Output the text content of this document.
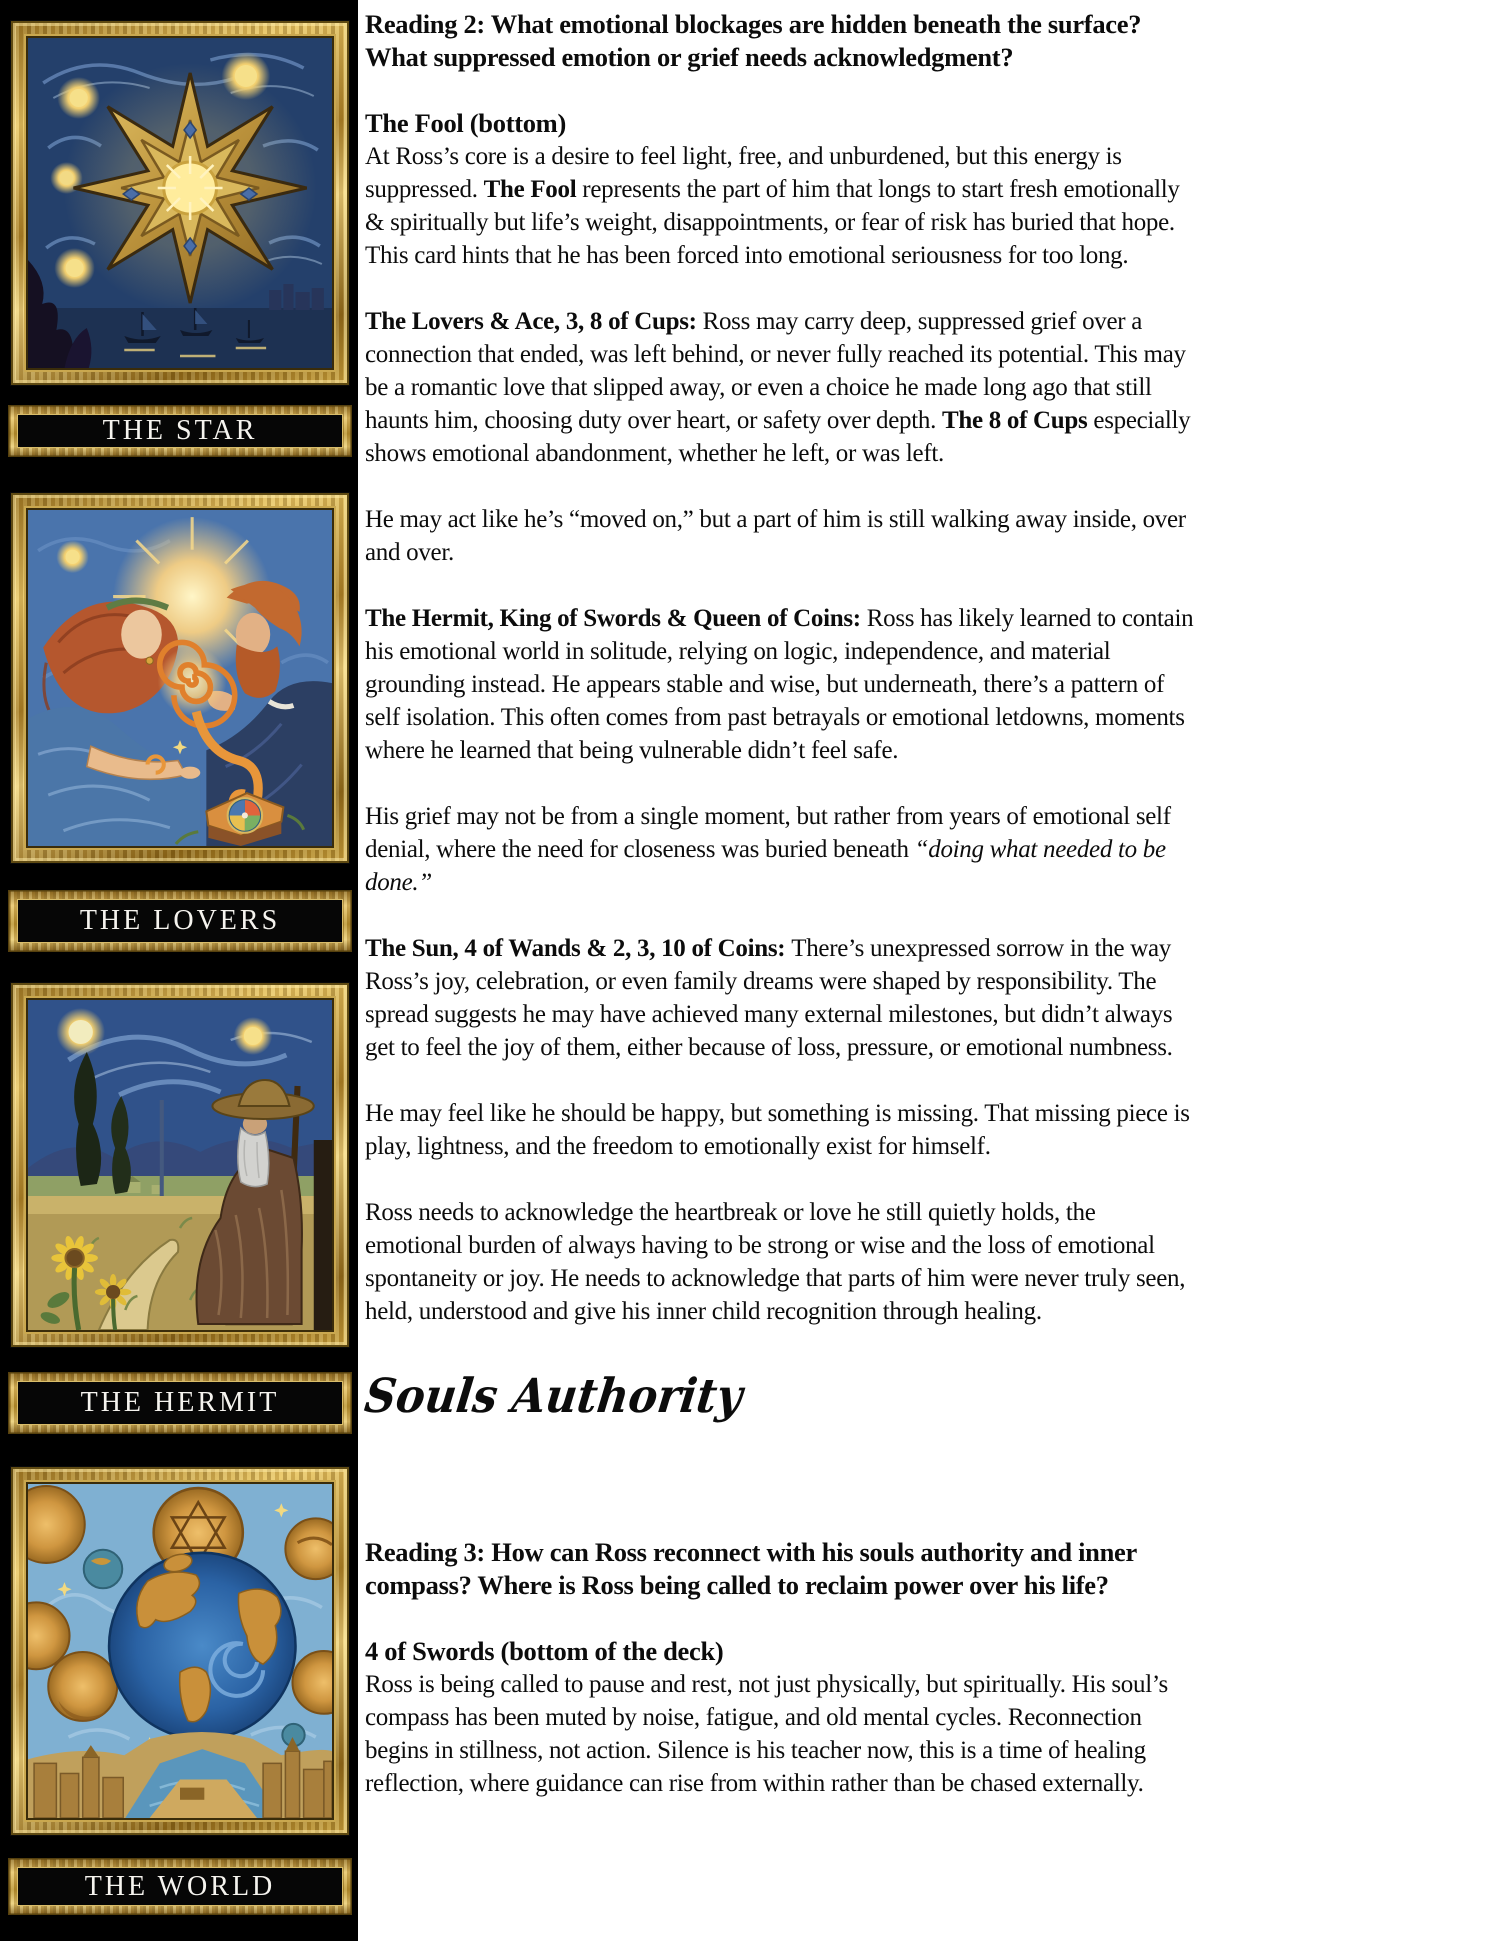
THE STAR
THE LOVERS
THE HERMIT
THE WORLD

Reading 2: What emotional blockages are hidden beneath the surface? What suppressed emotion or grief needs acknowledgment?

The Fool (bottom)

At Ross’s core is a desire to feel light, free, and unburdened, but this energy is suppressed. The Fool represents the part of him that longs to start fresh emotionally & spiritually but life’s weight, disappointments, or fear of risk has buried that hope. This card hints that he has been forced into emotional seriousness for too long.

The Lovers & Ace, 3, 8 of Cups: Ross may carry deep, suppressed grief over a connection that ended, was left behind, or never fully reached its potential. This may be a romantic love that slipped away, or even a choice he made long ago that still haunts him, choosing duty over heart, or safety over depth. The 8 of Cups especially shows emotional abandonment, whether he left, or was left.

He may act like he’s “moved on,” but a part of him is still walking away inside, over and over.

The Hermit, King of Swords & Queen of Coins: Ross has likely learned to contain his emotional world in solitude, relying on logic, independence, and material grounding instead. He appears stable and wise, but underneath, there’s a pattern of self isolation. This often comes from past betrayals or emotional letdowns, moments where he learned that being vulnerable didn’t feel safe.

His grief may not be from a single moment, but rather from years of emotional self denial, where the need for closeness was buried beneath “doing what needed to be done.”

The Sun, 4 of Wands & 2, 3, 10 of Coins: There’s unexpressed sorrow in the way Ross’s joy, celebration, or even family dreams were shaped by responsibility. The spread suggests he may have achieved many external milestones, but didn’t always get to feel the joy of them, either because of loss, pressure, or emotional numbness.

He may feel like he should be happy, but something is missing. That missing piece is play, lightness, and the freedom to emotionally exist for himself.

Ross needs to acknowledge the heartbreak or love he still quietly holds, the emotional burden of always having to be strong or wise and the loss of emotional spontaneity or joy. He needs to acknowledge that parts of him were never truly seen, held, understood and give his inner child recognition through healing.

Souls Authority

Reading 3: How can Ross reconnect with his souls authority and inner compass? Where is Ross being called to reclaim power over his life?

4 of Swords (bottom of the deck)

Ross is being called to pause and rest, not just physically, but spiritually. His soul’s compass has been muted by noise, fatigue, and old mental cycles. Reconnection begins in stillness, not action. Silence is his teacher now, this is a time of healing reflection, where guidance can rise from within rather than be chased externally.
